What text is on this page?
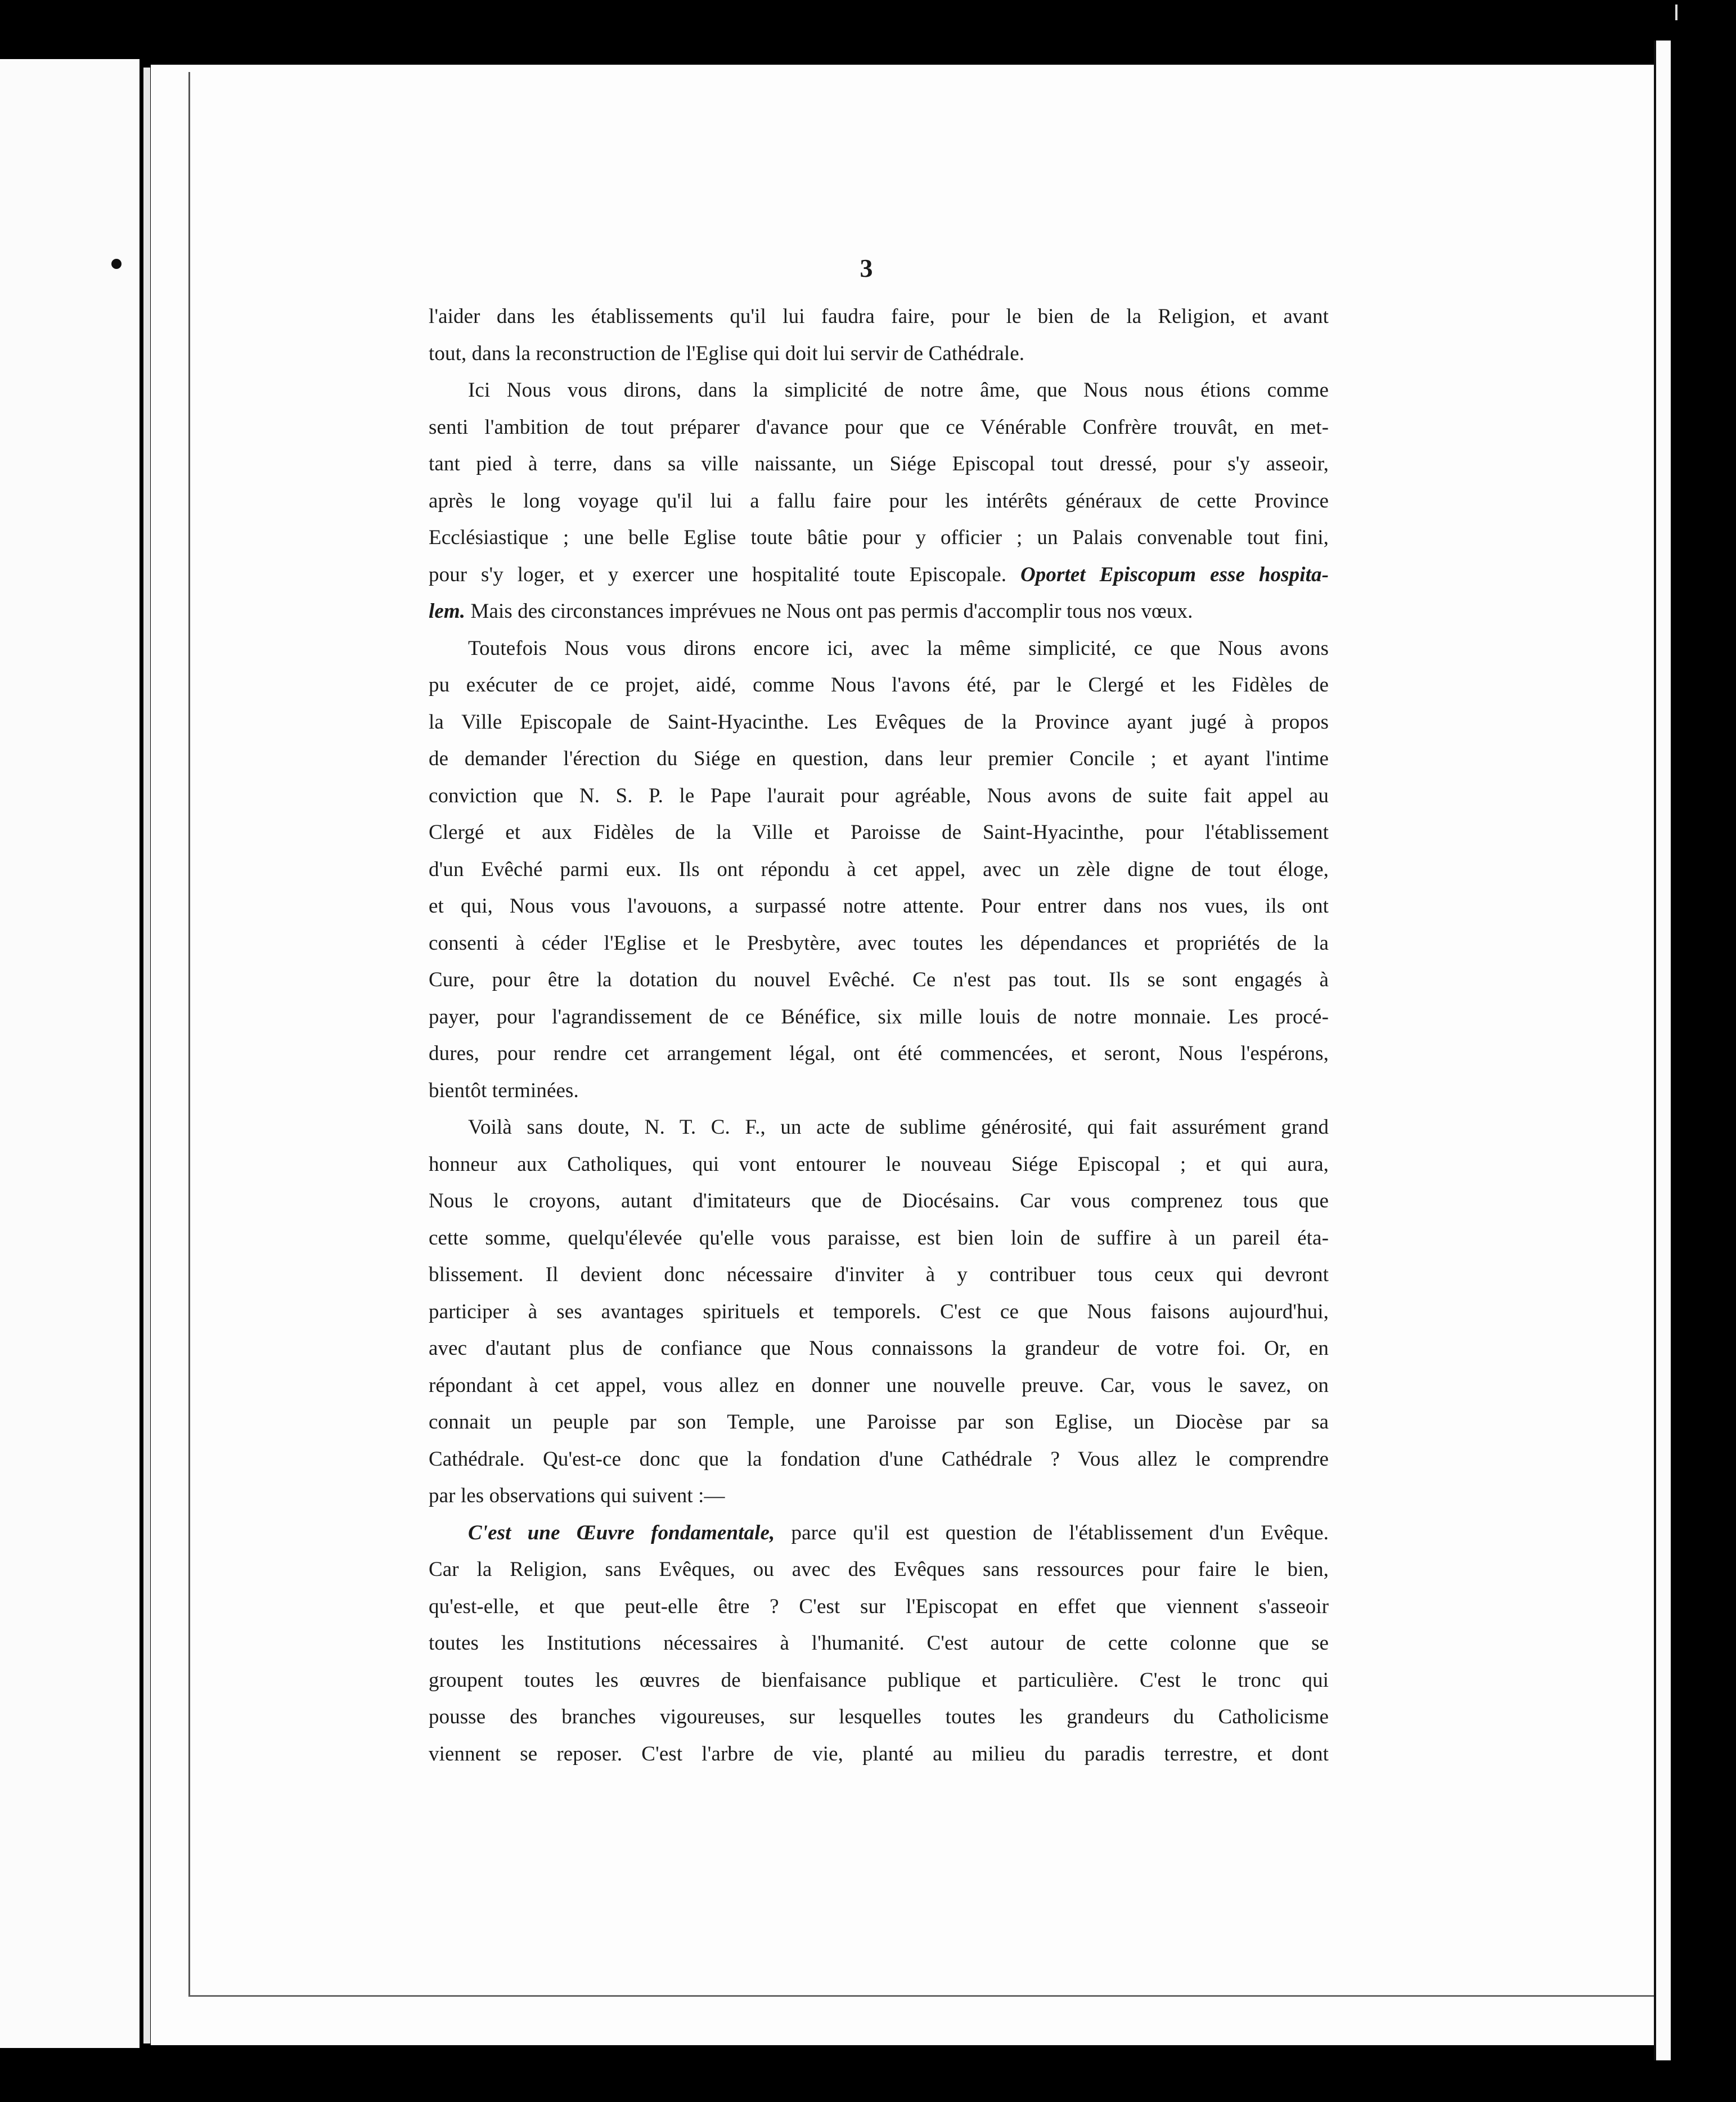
3
l'aider dans les établissements qu'il lui faudra faire, pour le bien de la Religion, et avant
tout, dans la reconstruction de l'Eglise qui doit lui servir de Cathédrale.
Ici Nous vous dirons, dans la simplicité de notre âme, que Nous nous étions comme
senti l'ambition de tout préparer d'avance pour que ce Vénérable Confrère trouvât, en met-
tant pied à terre, dans sa ville naissante, un Siége Episcopal tout dressé, pour s'y asseoir,
après le long voyage qu'il lui a fallu faire pour les intérêts généraux de cette Province
Ecclésiastique ; une belle Eglise toute bâtie pour y officier ; un Palais convenable tout fini,
pour s'y loger, et y exercer une hospitalité toute Episcopale. Oportet Episcopum esse hospita-
lem. Mais des circonstances imprévues ne Nous ont pas permis d'accomplir tous nos vœux.
Toutefois Nous vous dirons encore ici, avec la même simplicité, ce que Nous avons
pu exécuter de ce projet, aidé, comme Nous l'avons été, par le Clergé et les Fidèles de
la Ville Episcopale de Saint-Hyacinthe. Les Evêques de la Province ayant jugé à propos
de demander l'érection du Siége en question, dans leur premier Concile ; et ayant l'intime
conviction que N. S. P. le Pape l'aurait pour agréable, Nous avons de suite fait appel au
Clergé et aux Fidèles de la Ville et Paroisse de Saint-Hyacinthe, pour l'établissement
d'un Evêché parmi eux. Ils ont répondu à cet appel, avec un zèle digne de tout éloge,
et qui, Nous vous l'avouons, a surpassé notre attente. Pour entrer dans nos vues, ils ont
consenti à céder l'Eglise et le Presbytère, avec toutes les dépendances et propriétés de la
Cure, pour être la dotation du nouvel Evêché. Ce n'est pas tout. Ils se sont engagés à
payer, pour l'agrandissement de ce Bénéfice, six mille louis de notre monnaie. Les procé-
dures, pour rendre cet arrangement légal, ont été commencées, et seront, Nous l'espérons,
bientôt terminées.
Voilà sans doute, N. T. C. F., un acte de sublime générosité, qui fait assurément grand
honneur aux Catholiques, qui vont entourer le nouveau Siége Episcopal ; et qui aura,
Nous le croyons, autant d'imitateurs que de Diocésains. Car vous comprenez tous que
cette somme, quelqu'élevée qu'elle vous paraisse, est bien loin de suffire à un pareil éta-
blissement. Il devient donc nécessaire d'inviter à y contribuer tous ceux qui devront
participer à ses avantages spirituels et temporels. C'est ce que Nous faisons aujourd'hui,
avec d'autant plus de confiance que Nous connaissons la grandeur de votre foi. Or, en
répondant à cet appel, vous allez en donner une nouvelle preuve. Car, vous le savez, on
connait un peuple par son Temple, une Paroisse par son Eglise, un Diocèse par sa
Cathédrale. Qu'est-ce donc que la fondation d'une Cathédrale ? Vous allez le comprendre
par les observations qui suivent :—
C'est une Œuvre fondamentale, parce qu'il est question de l'établissement d'un Evêque.
Car la Religion, sans Evêques, ou avec des Evêques sans ressources pour faire le bien,
qu'est-elle, et que peut-elle être ? C'est sur l'Episcopat en effet que viennent s'asseoir
toutes les Institutions nécessaires à l'humanité. C'est autour de cette colonne que se
groupent toutes les œuvres de bienfaisance publique et particulière. C'est le tronc qui
pousse des branches vigoureuses, sur lesquelles toutes les grandeurs du Catholicisme
viennent se reposer. C'est l'arbre de vie, planté au milieu du paradis terrestre, et dont
